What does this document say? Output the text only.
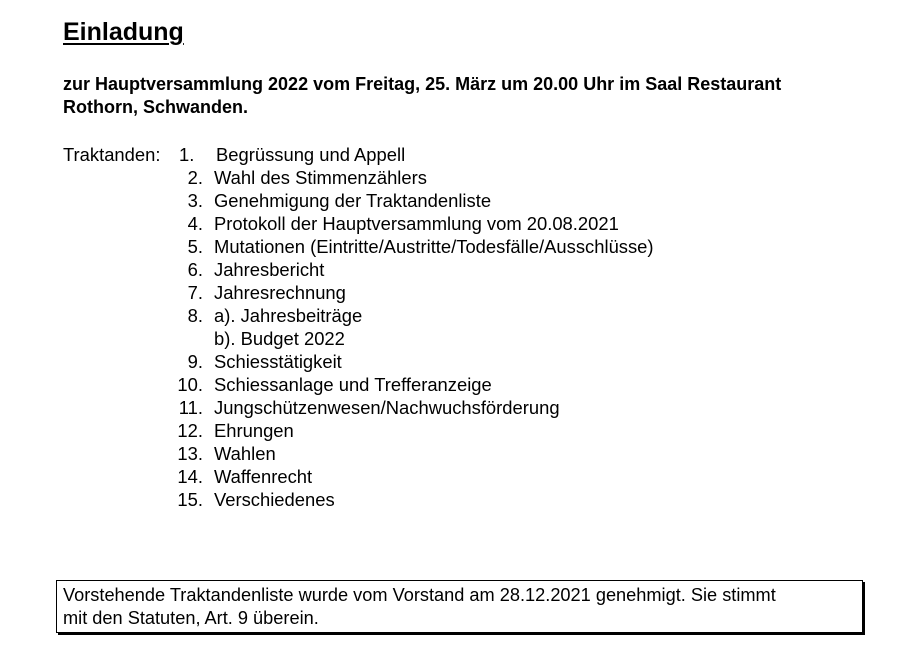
Einladung
zur Hauptversammlung 2022 vom Freitag, 25. März um 20.00 Uhr im Saal Restaurant
Rothorn, Schwanden.
Traktanden: 1.	Begrüssung und Appell
2. Wahl des Stimmenzählers
3. Genehmigung der Traktandenliste
4. Protokoll der Hauptversammlung vom 20.08.2021
5. Mutationen (Eintritte/Austritte/Todesfälle/Ausschlüsse)
6. Jahresbericht
7. Jahresrechnung
8. a). Jahresbeiträge
b). Budget 2022
9. Schiesstätigkeit
10. Schiessanlage und Trefferanzeige
11. Jungschützenwesen/Nachwuchsförderung
12. Ehrungen
13. Wahlen
14. Waffenrecht
15. Verschiedenes
Vorstehende Traktandenliste wurde vom Vorstand am 28.12.2021 genehmigt. Sie stimmt
mit den Statuten, Art. 9 überein.
